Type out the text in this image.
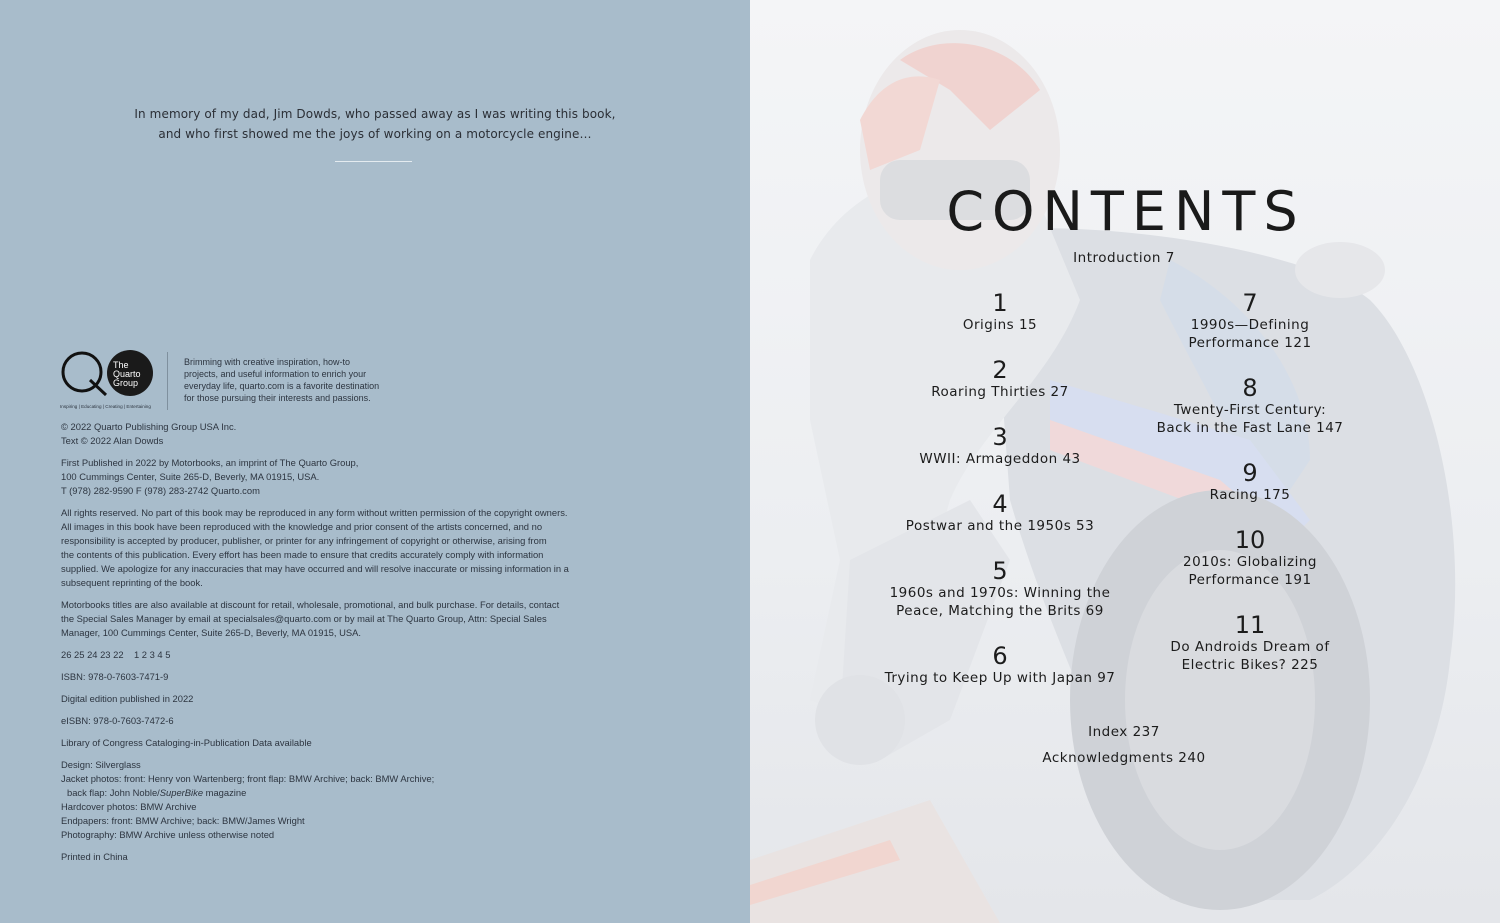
In memory of my dad, Jim Dowds, who passed away as I was writing this book,
and who first showed me the joys of working on a motorcycle engine…
The
Quarto
Group
Inspiring | Educating | Creating | Entertaining
Brimming with creative inspiration, how-to
projects, and useful information to enrich your
everyday life, quarto.com is a favorite destination
for those pursuing their interests and passions.

© 2022 Quarto Publishing Group USA Inc.

Text © 2022 Alan Dowds

First Published in 2022 by Motorbooks, an imprint of The Quarto Group,

100 Cummings Center, Suite 265-D, Beverly, MA 01915, USA.

T (978) 282-9590 F (978) 283-2742 Quarto.com

All rights reserved. No part of this book may be reproduced in any form without written permission of the copyright owners.

All images in this book have been reproduced with the knowledge and prior consent of the artists concerned, and no

responsibility is accepted by producer, publisher, or printer for any infringement of copyright or otherwise, arising from

the contents of this publication. Every effort has been made to ensure that credits accurately comply with information

supplied. We apologize for any inaccuracies that may have occurred and will resolve inaccurate or missing information in a

subsequent reprinting of the book.

Motorbooks titles are also available at discount for retail, wholesale, promotional, and bulk purchase. For details, contact

the Special Sales Manager by email at specialsales@quarto.com or by mail at The Quarto Group, Attn: Special Sales

Manager, 100 Cummings Center, Suite 265-D, Beverly, MA 01915, USA.

26 25 24 23 22    1 2 3 4 5

ISBN: 978-0-7603-7471-9

Digital edition published in 2022

eISBN: 978-0-7603-7472-6

Library of Congress Cataloging-in-Publication Data available

Design: Silverglass

Jacket photos: front: Henry von Wartenberg; front flap: BMW Archive; back: BMW Archive;

back flap: John Noble/SuperBike magazine

Hardcover photos: BMW Archive

Endpapers: front: BMW Archive; back: BMW/James Wright

Photography: BMW Archive unless otherwise noted

Printed in China

CONTENTS
Introduction 7
1
Origins 15
2
Roaring Thirties 27
3
WWII: Armageddon 43
4
Postwar and the 1950s 53
5
1960s and 1970s: Winning the
Peace, Matching the Brits 69
6
Trying to Keep Up with Japan 97
7
1990s—Defining
Performance 121
8
Twenty-First Century:
Back in the Fast Lane 147
9
Racing 175
10
2010s: Globalizing
Performance 191
11
Do Androids Dream of
Electric Bikes? 225
Index 237
Acknowledgments 240
